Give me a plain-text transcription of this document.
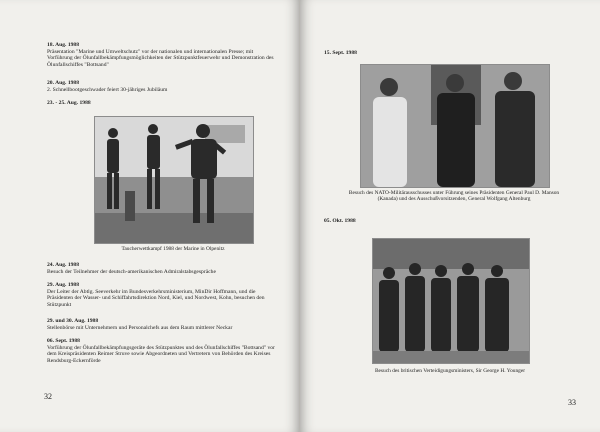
18. Aug. 1988
Präsentation "Marine und Umweltschutz" vor der nationalen und internationalen Presse; mit Vorführung der Ölunfallbekämpfungsmöglichkeiten der Stützpunktfeuerwehr und Demonstration des Ölunfallschiffes "Bottsand"
20. Aug. 1988
2. Schnellbootgeschwader feiert 30-jähriges Jubiläum
23. - 25. Aug. 1988
Taucherwettkampf 1988 der Marine in Olpenitz
24. Aug. 1988
Besuch der Teilnehmer der deutsch-amerikanischen Admiralstabsgespräche
29. Aug. 1988
Der Leiter der Abtlg. Seeverkehr im Bundesverkehrsministerium, MinDir Hoffmann, und die Präsidenten der Wasser- und Schiffahrtsdirektion Nord, Kiel, und Nordwest, Kohn, besuchen den Stützpunkt
29. und 30. Aug. 1988
Stellenbörse mit Unternehmern und Personalchefs aus dem Raum mittlerer Neckar
06. Sept. 1988
Vorführung der Ölunfallbekämpfungsgeräte des Stützpunktes und des Ölunfallschiffes "Bottsand" vor dem Kreispräsidenten Reimer Struve sowie Abgeordneten und Vertretern von Behörden des Kreises Rendsburg-Eckernförde
32
15. Sept. 1988
Besuch des NATO-Militärausschusses unter Führung seines Präsidenten General Paul D. Manson (Kanada) und des Ausschußvorsitzenden, General Wolfgang Altenburg
05. Okt. 1988
Besuch des britischen Verteidigungsministers, Sir George H. Younger
33
